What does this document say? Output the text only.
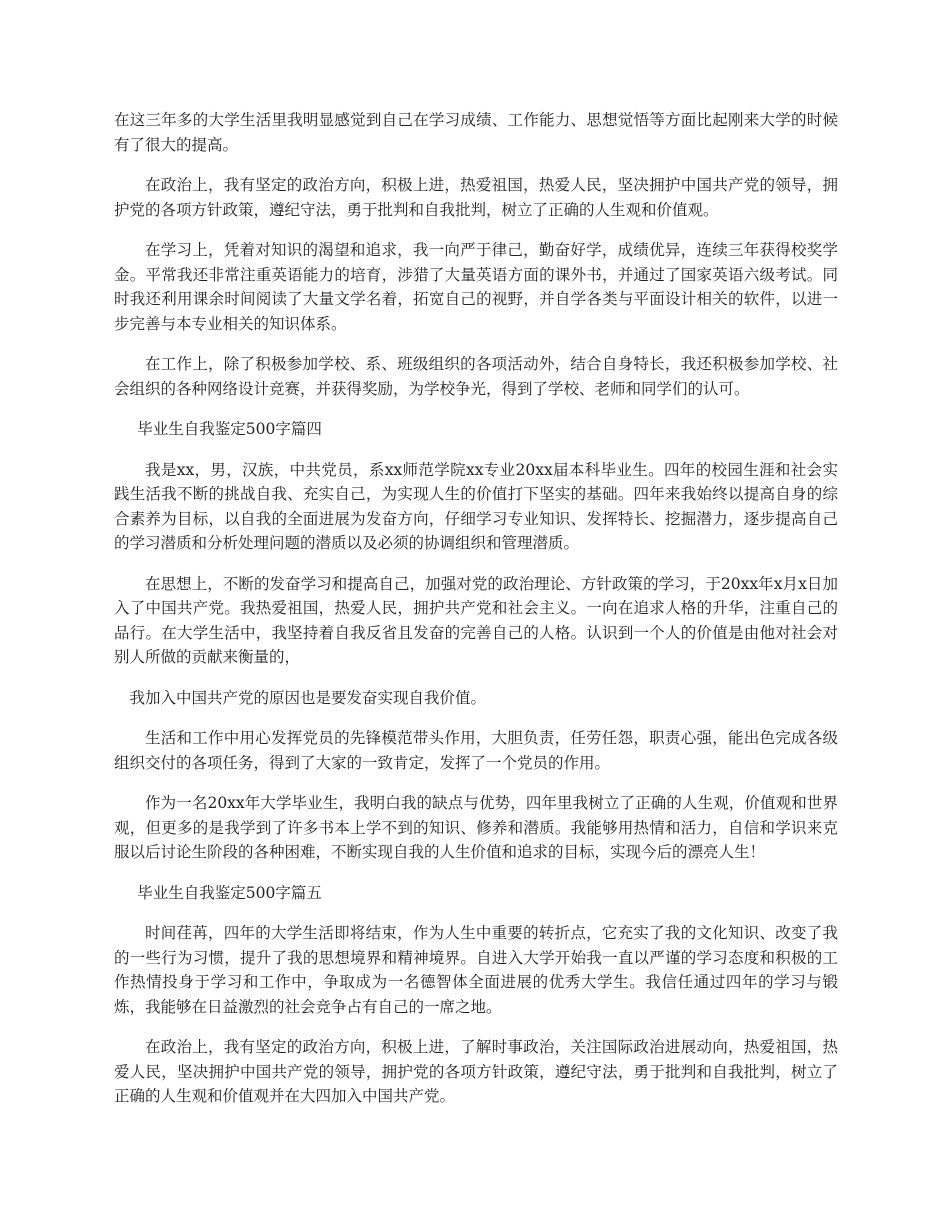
在这三年多的大学生活里我明显感觉到自己在学习成绩、工作能力、思想觉悟等方面比起刚来大学的时候有了很大的提高。

在政治上，我有坚定的政治方向，积极上进，热爱祖国，热爱人民，坚决拥护中国共产党的领导，拥护党的各项方针政策，遵纪守法，勇于批判和自我批判，树立了正确的人生观和价值观。

在学习上，凭着对知识的渴望和追求，我一向严于律己，勤奋好学，成绩优异，连续三年获得校奖学金。平常我还非常注重英语能力的培育，涉猎了大量英语方面的课外书，并通过了国家英语六级考试。同时我还利用课余时间阅读了大量文学名着，拓宽自己的视野，并自学各类与平面设计相关的软件，以进一步完善与本专业相关的知识体系。

在工作上，除了积极参加学校、系、班级组织的各项活动外，结合自身特长，我还积极参加学校、社会组织的各种网络设计竞赛，并获得奖励，为学校争光，得到了学校、老师和同学们的认可。

毕业生自我鉴定500字篇四

我是xx，男，汉族，中共党员，系xx师范学院xx专业20xx届本科毕业生。四年的校园生涯和社会实践生活我不断的挑战自我、充实自己，为实现人生的价值打下坚实的基础。四年来我始终以提高自身的综合素养为目标，以自我的全面进展为发奋方向，仔细学习专业知识、发挥特长、挖掘潜力，逐步提高自己的学习潜质和分析处理问题的潜质以及必须的协调组织和管理潜质。

在思想上，不断的发奋学习和提高自己，加强对党的政治理论、方针政策的学习，于20xx年x月x日加入了中国共产党。我热爱祖国，热爱人民，拥护共产党和社会主义。一向在追求人格的升华，注重自己的品行。在大学生活中，我坚持着自我反省且发奋的完善自己的人格。认识到一个人的价值是由他对社会对别人所做的贡献来衡量的，

我加入中国共产党的原因也是要发奋实现自我价值。

生活和工作中用心发挥党员的先锋模范带头作用，大胆负责，任劳任怨，职责心强，能出色完成各级组织交付的各项任务，得到了大家的一致肯定，发挥了一个党员的作用。

作为一名20xx年大学毕业生，我明白我的缺点与优势，四年里我树立了正确的人生观，价值观和世界观，但更多的是我学到了许多书本上学不到的知识、修养和潜质。我能够用热情和活力，自信和学识来克服以后讨论生阶段的各种困难，不断实现自我的人生价值和追求的目标，实现今后的漂亮人生！

毕业生自我鉴定500字篇五

时间荏苒，四年的大学生活即将结束，作为人生中重要的转折点，它充实了我的文化知识、改变了我的一些行为习惯，提升了我的思想境界和精神境界。自进入大学开始我一直以严谨的学习态度和积极的工作热情投身于学习和工作中，争取成为一名德智体全面进展的优秀大学生。我信任通过四年的学习与锻炼，我能够在日益激烈的社会竞争占有自己的一席之地。

在政治上，我有坚定的政治方向，积极上进，了解时事政治，关注国际政治进展动向，热爱祖国，热爱人民，坚决拥护中国共产党的领导，拥护党的各项方针政策，遵纪守法，勇于批判和自我批判，树立了正确的人生观和价值观并在大四加入中国共产党。
